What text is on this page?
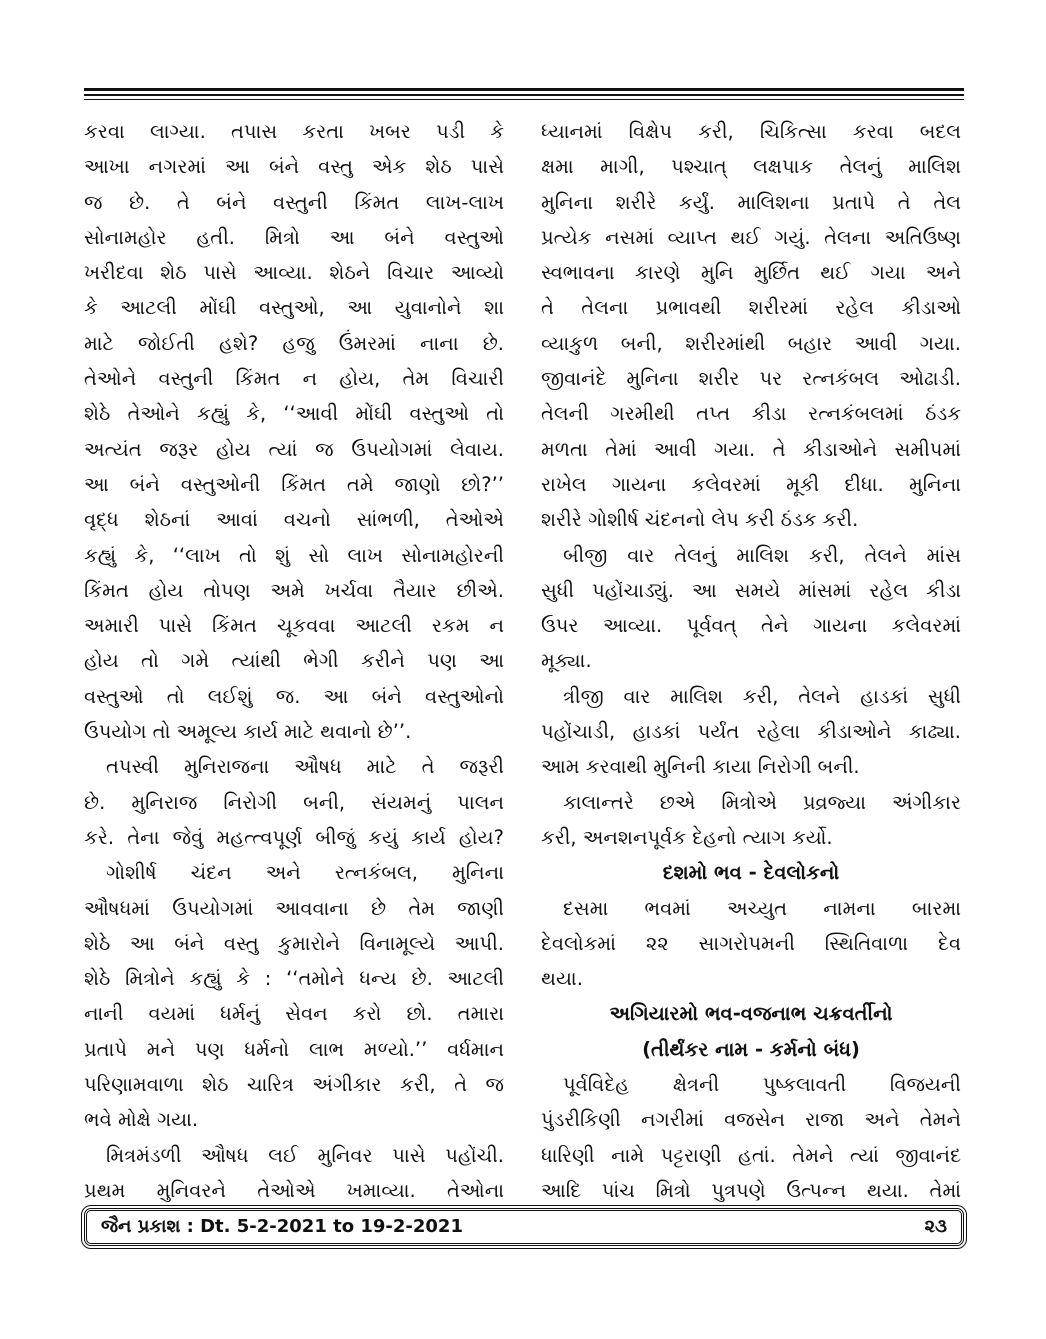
કરવા લાગ્યા. તપાસ કરતા ખબર પડી કે
આખા નગરમાં આ બંને વસ્તુ એક શેઠ પાસે
જ છે. તે બંને વસ્તુની કિંમત લાખ-લાખ
સોનામહોર હતી. મિત્રો આ બંને વસ્તુઓ
ખરીદવા શેઠ પાસે આવ્યા. શેઠને વિચાર આવ્યો
કે આટલી મોંઘી વસ્તુઓ, આ યુવાનોને શા
માટે જોઈતી હશે? હજુ ઉંમરમાં નાના છે.
તેઓને વસ્તુની કિંમત ન હોય, તેમ વિચારી
શેઠે તેઓને કહ્યું કે, ‘‘આવી મોંઘી વસ્તુઓ તો
અત્યંત જરૂર હોય ત્યાં જ ઉપયોગમાં લેવાય.
આ બંને વસ્તુઓની કિંમત તમે જાણો છો?’’
વૃદ્ધ શેઠનાં આવાં વચનો સાંભળી, તેઓએ
કહ્યું કે, ‘‘લાખ તો શું સો લાખ સોનામહોરની
કિંમત હોય તોપણ અમે ખર્ચવા તૈયાર છીએ.
અમારી પાસે કિંમત ચૂકવવા આટલી રકમ ન
હોય તો ગમે ત્યાંથી ભેગી કરીને પણ આ
વસ્તુઓ તો લઈશું જ. આ બંને વસ્તુઓનો
ઉપયોગ તો અમૂલ્ય કાર્ય માટે થવાનો છે’’.
તપસ્વી મુનિરાજના ઔષધ માટે તે જરૂરી
છે. મુનિરાજ નિરોગી બની, સંયમનું પાલન
કરે. તેના જેવું મહત્ત્વપૂર્ણ બીજું કયું કાર્ય હોય?
ગોશીર્ષ ચંદન અને રત્નકંબલ, મુનિના
ઔષધમાં ઉપયોગમાં આવવાના છે તેમ જાણી
શેઠે આ બંને વસ્તુ કુમારોને વિનામૂલ્યે આપી.
શેઠે મિત્રોને કહ્યું કે : ‘‘તમોને ધન્ય છે. આટલી
નાની વયમાં ધર્મનું સેવન કરો છો. તમારા
પ્રતાપે મને પણ ધર્મનો લાભ મળ્યો.’’ વર્ધમાન
પરિણામવાળા શેઠ ચારિત્ર અંગીકાર કરી, તે જ
ભવે મોક્ષે ગયા.
મિત્રમંડળી ઔષધ લઈ મુનિવર પાસે પહોંચી.
પ્રથમ મુનિવરને તેઓએ ખમાવ્યા. તેઓના
ધ્યાનમાં વિક્ષેપ કરી, ચિકિત્સા કરવા બદલ
ક્ષમા માગી, પશ્ચાત્ લક્ષપાક તેલનું માલિશ
મુનિના શરીરે કર્યું. માલિશના પ્રતાપે તે તેલ
પ્રત્યેક નસમાં વ્યાપ્ત થઈ ગયું. તેલના અતિઉષ્ણ
સ્વભાવના કારણે મુનિ મુર્છિત થઈ ગયા અને
તે તેલના પ્રભાવથી શરીરમાં રહેલ કીડાઓ
વ્યાકુળ બની, શરીરમાંથી બહાર આવી ગયા.
જીવાનંદે મુનિના શરીર પર રત્નકંબલ ઓઢાડી.
તેલની ગરમીથી તપ્ત કીડા રત્નકંબલમાં ઠંડક
મળતા તેમાં આવી ગયા. તે કીડાઓને સમીપમાં
રાખેલ ગાયના કલેવરમાં મૂકી દીધા. મુનિના
શરીરે ગોશીર્ષ ચંદનનો લેપ કરી ઠંડક કરી.
બીજી વાર તેલનું માલિશ કરી, તેલને માંસ
સુધી પહોંચાડ્યું. આ સમયે માંસમાં રહેલ કીડા
ઉપર આવ્યા. પૂર્વવત્ તેને ગાયના કલેવરમાં
મૂક્યા.
ત્રીજી વાર માલિશ કરી, તેલને હાડકાં સુધી
પહોંચાડી, હાડકાં પર્યંત રહેલા કીડાઓને કાઢ્યા.
આમ કરવાથી મુનિની કાયા નિરોગી બની.
કાલાન્તરે છએ મિત્રોએ પ્રવ્રજ્યા અંગીકાર
કરી, અનશનપૂર્વક દેહનો ત્યાગ કર્યો.
દશમો ભવ - દેવલોકનો
દસમા ભવમાં અચ્યુત નામના બારમા
દેવલોકમાં ૨૨ સાગરોપમની સ્થિતિવાળા દેવ
થયા.
અગિયારમો ભવ-વજનાભ ચક્રવર્તીનો
(તીર્થંકર નામ - કર્મનો બંધ)
પૂર્વવિદેહ ક્ષેત્રની પુષ્કલાવતી વિજયની
પુંડરીકિણી નગરીમાં વજસેન રાજા અને તેમને
ધારિણી નામે પટ્ટરાણી હતાં. તેમને ત્યાં જીવાનંદ
આદિ પાંચ મિત્રો પુત્રપણે ઉત્પન્ન થયા. તેમાં
જૈન પ્રકાશ : Dt. 5-2-2021 to 19-2-2021	૨૩
